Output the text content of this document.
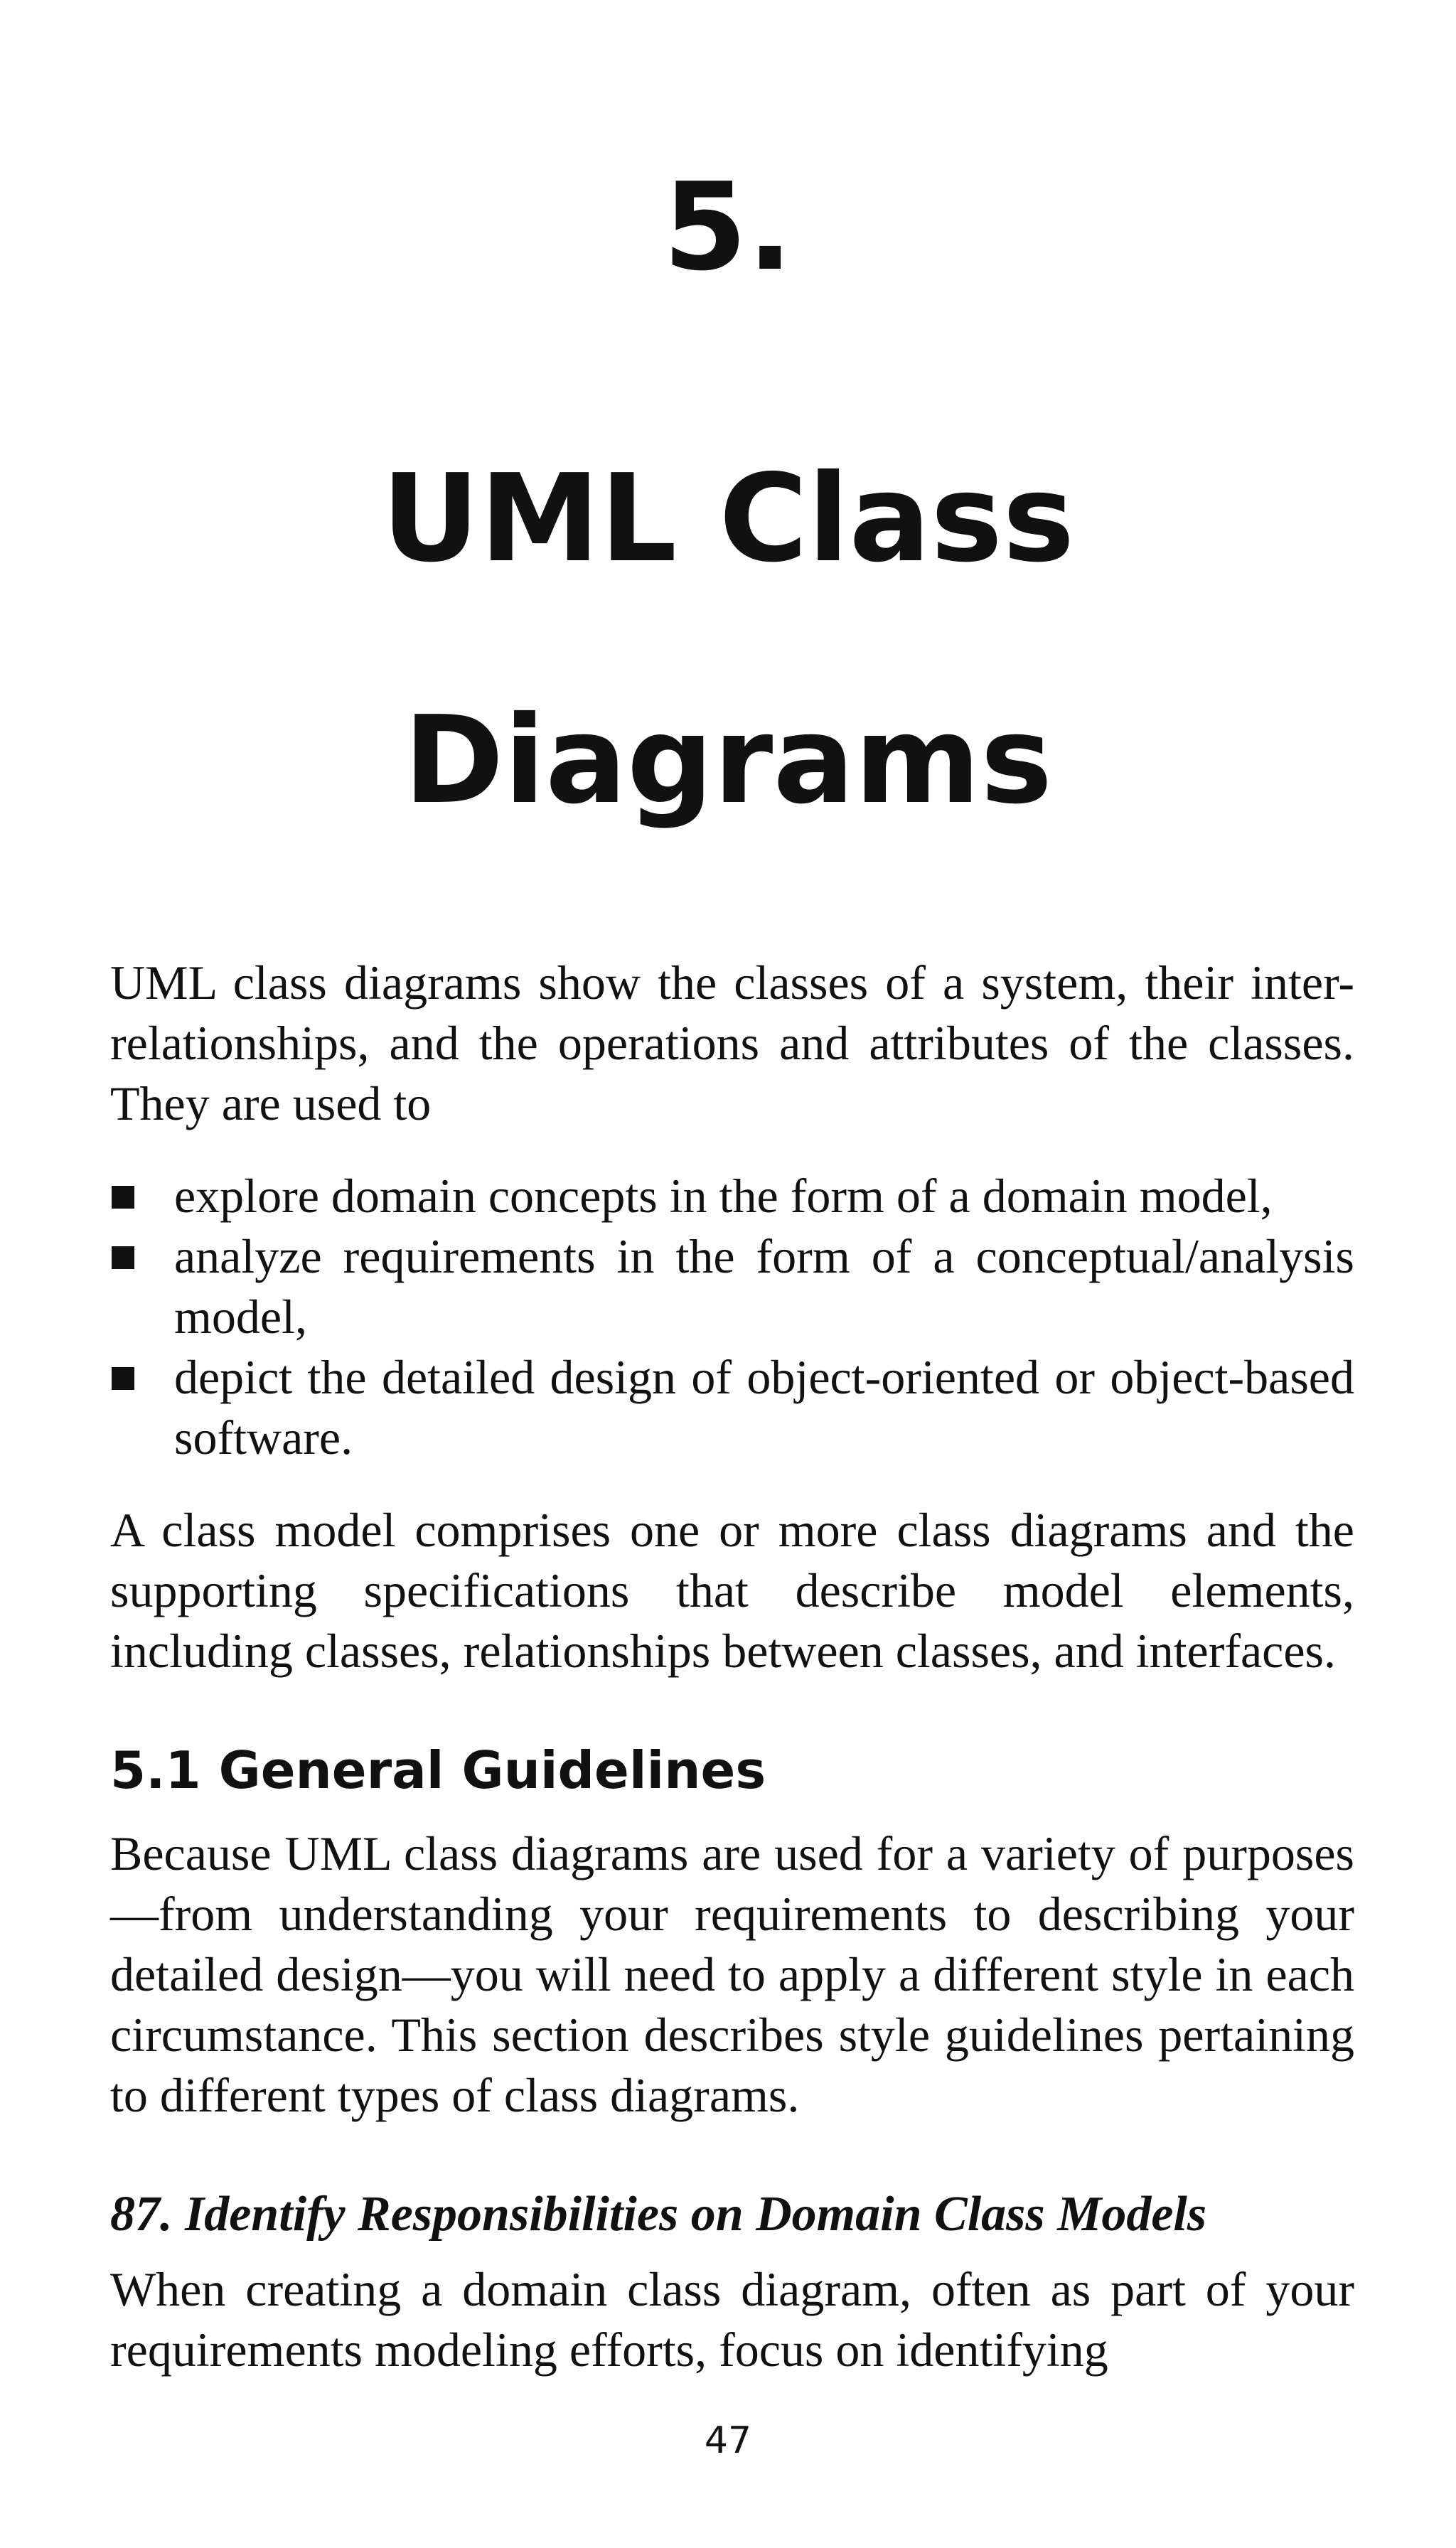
5.
UML Class
Diagrams

UML class diagrams show the classes of a system, their inter-relationships, and the operations and attributes of the classes. They are used to

explore domain concepts in the form of a domain model,
analyze requirements in the form of a conceptual/analysis model,
depict the detailed design of object-oriented or object-based software.

A class model comprises one or more class diagrams and the supporting specifications that describe model elements, including classes, relationships between classes, and interfaces.

5.1 General Guidelines

Because UML class diagrams are used for a variety of purposes—from understanding your requirements to describing your detailed design—you will need to apply a different style in each circumstance. This section describes style guidelines pertaining to different types of class diagrams.

87. Identify Responsibilities on Domain Class Models

When creating a domain class diagram, often as part of your requirements modeling efforts, focus on identifying

47
